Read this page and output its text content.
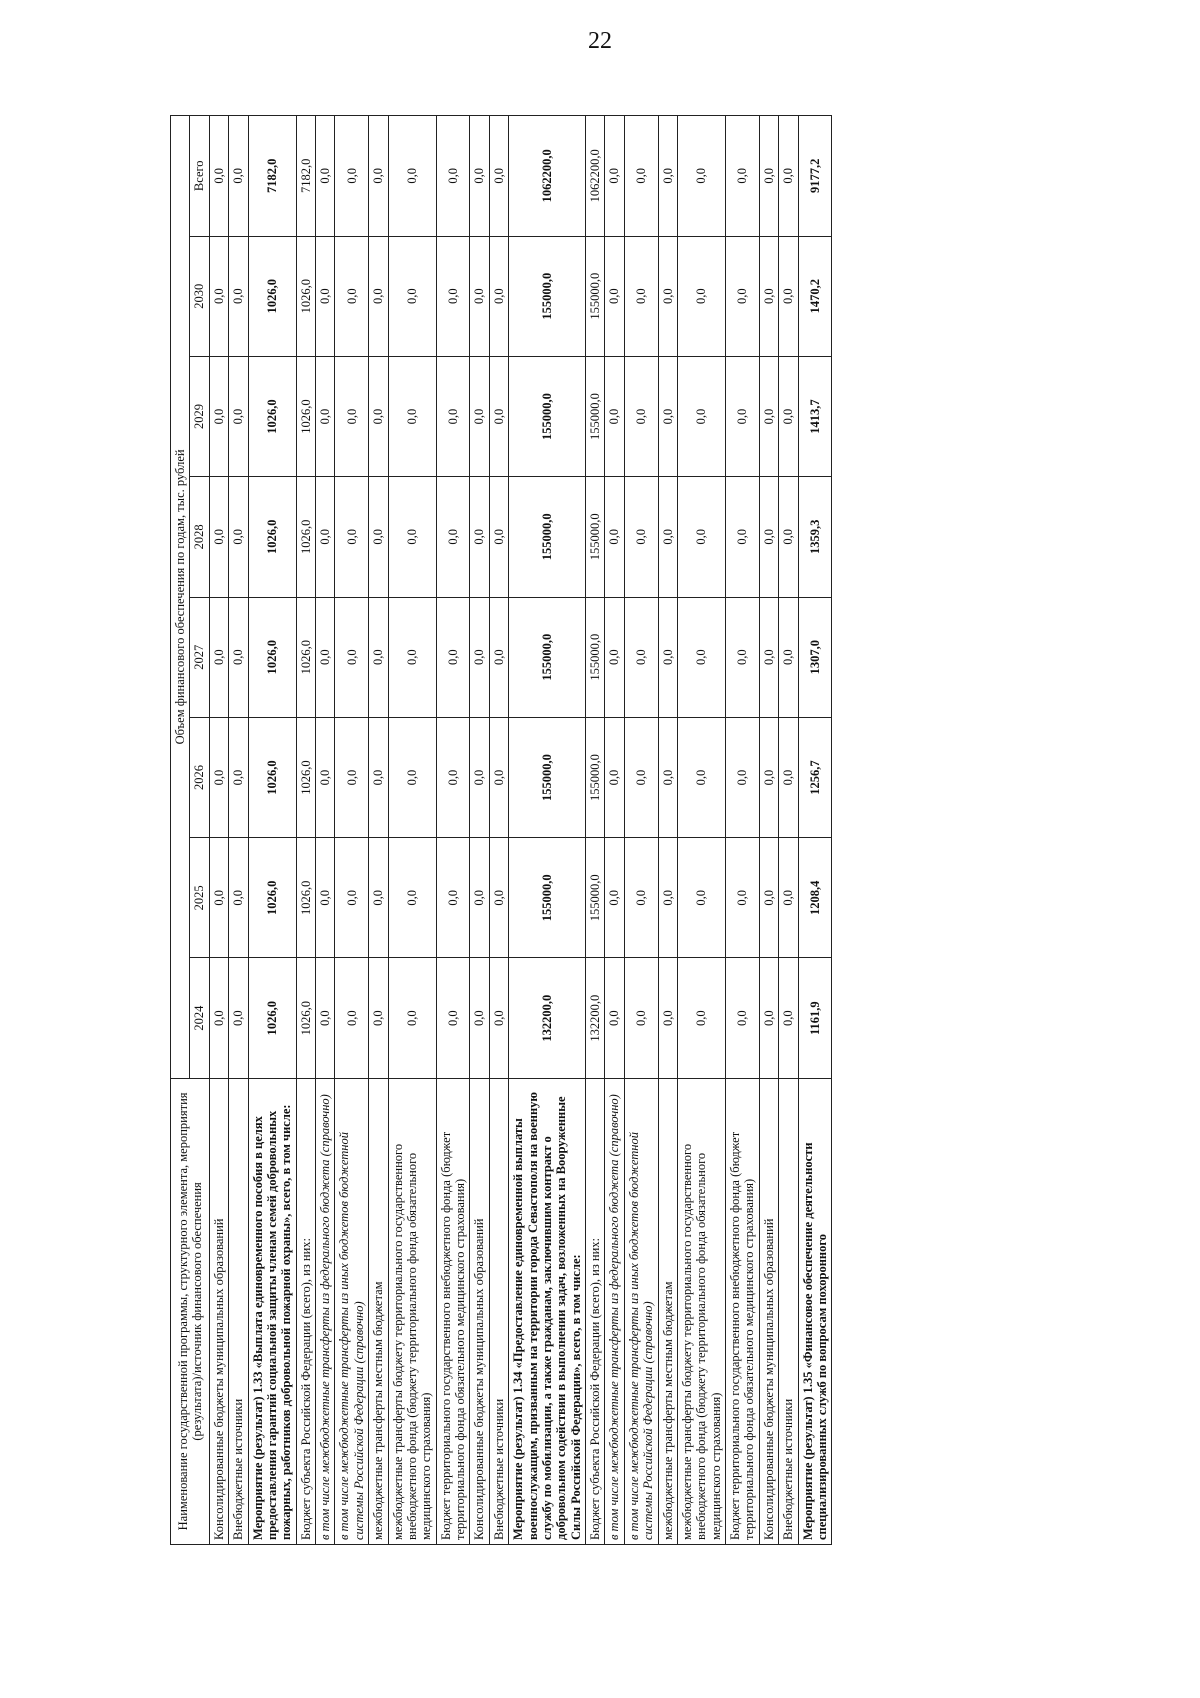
22
Наименование государственной программы, структурного элемента, мероприятия (результата)/источник финансового обеспечения	Объем финансового обеспечения по годам, тыс. рублей							
	2024	2025	2026	2027	2028	2029	2030	Всего
Консолидированные бюджеты муниципальных образований	0,0	0,0	0,0	0,0	0,0	0,0	0,0	0,0
Внебюджетные источники	0,0	0,0	0,0	0,0	0,0	0,0	0,0	0,0
Мероприятие (результат) 1.33 «Выплата единовременного пособия в целях предоставления гарантий социальной защиты членам семей добровольных пожарных, работников добровольной пожарной охраны», всего, в том числе:	1026,0	1026,0	1026,0	1026,0	1026,0	1026,0	1026,0	7182,0
Бюджет субъекта Российской Федерации (всего), из них:	1026,0	1026,0	1026,0	1026,0	1026,0	1026,0	1026,0	7182,0
в том числе межбюджетные трансферты из федерального бюджета (справочно)	0,0	0,0	0,0	0,0	0,0	0,0	0,0	0,0
в том числе межбюджетные трансферты из иных бюджетов бюджетной системы Российской Федерации (справочно)	0,0	0,0	0,0	0,0	0,0	0,0	0,0	0,0
межбюджетные трансферты местным бюджетам	0,0	0,0	0,0	0,0	0,0	0,0	0,0	0,0
межбюджетные трансферты бюджету территориального государственного внебюджетного фонда (бюджету территориального фонда обязательного медицинского страхования)	0,0	0,0	0,0	0,0	0,0	0,0	0,0	0,0
Бюджет территориального государственного внебюджетного фонда (бюджет территориального фонда обязательного медицинского страхования)	0,0	0,0	0,0	0,0	0,0	0,0	0,0	0,0
Консолидированные бюджеты муниципальных образований	0,0	0,0	0,0	0,0	0,0	0,0	0,0	0,0
Внебюджетные источники	0,0	0,0	0,0	0,0	0,0	0,0	0,0	0,0
Мероприятие (результат) 1.34 «Предоставление единовременной выплаты военнослужащим, призванным на территории города Севастополя на военную службу по мобилизации, а также гражданам, заключившим контракт о добровольном содействии в выполнении задач, возложенных на Вооруженные Силы Российской Федерации», всего, в том числе:	132200,0	155000,0	155000,0	155000,0	155000,0	155000,0	155000,0	1062200,0
Бюджет субъекта Российской Федерации (всего), из них:	132200,0	155000,0	155000,0	155000,0	155000,0	155000,0	155000,0	1062200,0
в том числе межбюджетные трансферты из федерального бюджета (справочно)	0,0	0,0	0,0	0,0	0,0	0,0	0,0	0,0
в том числе межбюджетные трансферты из иных бюджетов бюджетной системы Российской Федерации (справочно)	0,0	0,0	0,0	0,0	0,0	0,0	0,0	0,0
межбюджетные трансферты местным бюджетам	0,0	0,0	0,0	0,0	0,0	0,0	0,0	0,0
межбюджетные трансферты бюджету территориального государственного внебюджетного фонда (бюджету территориального фонда обязательного медицинского страхования)	0,0	0,0	0,0	0,0	0,0	0,0	0,0	0,0
Бюджет территориального государственного внебюджетного фонда (бюджет территориального фонда обязательного медицинского страхования)	0,0	0,0	0,0	0,0	0,0	0,0	0,0	0,0
Консолидированные бюджеты муниципальных образований	0,0	0,0	0,0	0,0	0,0	0,0	0,0	0,0
Внебюджетные источники	0,0	0,0	0,0	0,0	0,0	0,0	0,0	0,0
Мероприятие (результат) 1.35 «Финансовое обеспечение деятельности специализированных служб по вопросам похоронного	1161,9	1208,4	1256,7	1307,0	1359,3	1413,7	1470,2	9177,2
